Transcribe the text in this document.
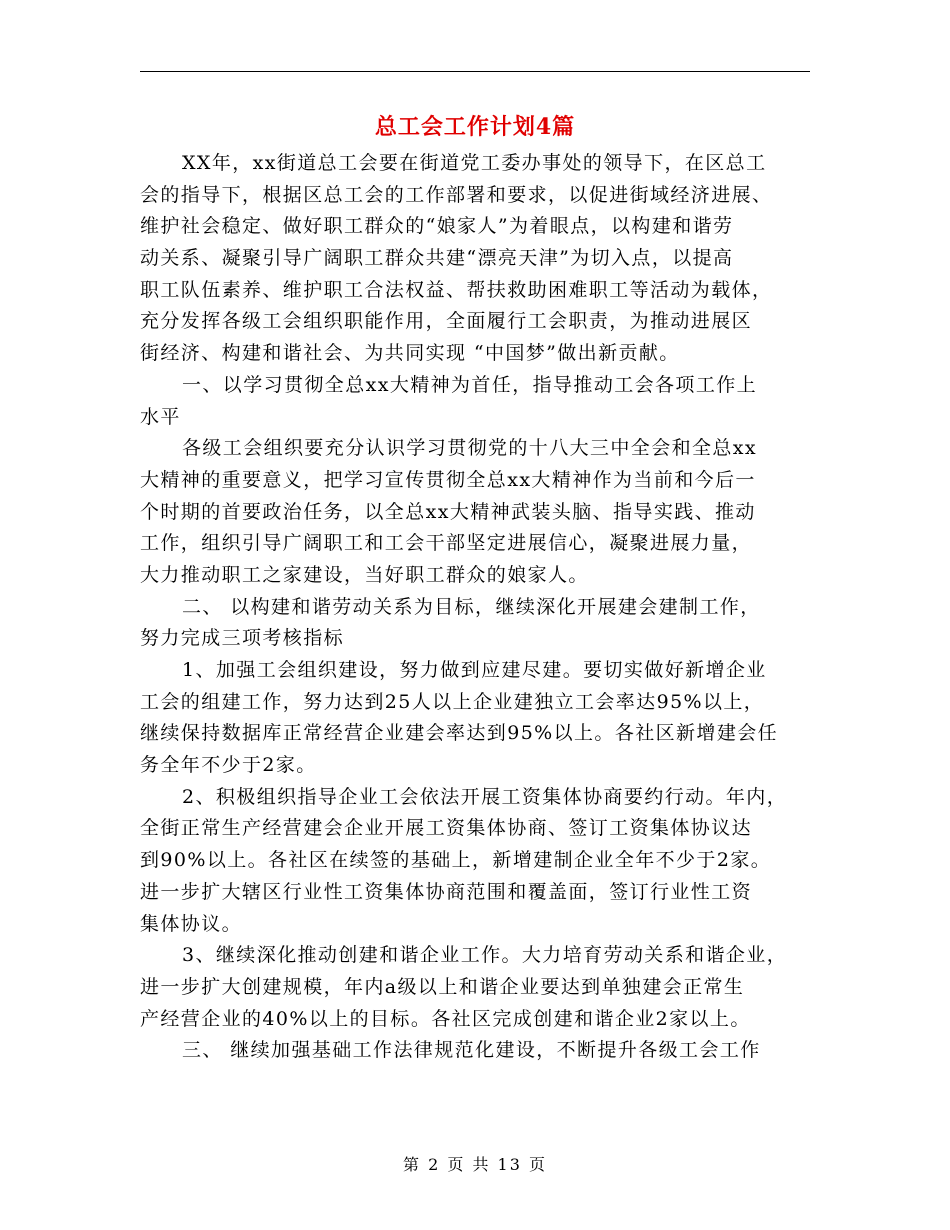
总工会工作计划4篇
XX年，xx街道总工会要在街道党工委办事处的领导下，在区总工
会的指导下，根据区总工会的工作部署和要求，以促进街域经济进展、
维护社会稳定、做好职工群众的“娘家人”为着眼点，以构建和谐劳
动关系、凝聚引导广阔职工群众共建“漂亮天津”为切入点，以提高
职工队伍素养、维护职工合法权益、帮扶救助困难职工等活动为载体，
充分发挥各级工会组织职能作用，全面履行工会职责，为推动进展区
街经济、构建和谐社会、为共同实现 “中国梦”做出新贡献。
一、以学习贯彻全总xx大精神为首任，指导推动工会各项工作上
水平
各级工会组织要充分认识学习贯彻党的十八大三中全会和全总xx
大精神的重要意义，把学习宣传贯彻全总xx大精神作为当前和今后一
个时期的首要政治任务，以全总xx大精神武装头脑、指导实践、推动
工作，组织引导广阔职工和工会干部坚定进展信心，凝聚进展力量，
大力推动职工之家建设，当好职工群众的娘家人。
二、 以构建和谐劳动关系为目标，继续深化开展建会建制工作，
努力完成三项考核指标
1、加强工会组织建设，努力做到应建尽建。要切实做好新增企业
工会的组建工作，努力达到25人以上企业建独立工会率达95%以上，
继续保持数据库正常经营企业建会率达到95%以上。各社区新增建会任
务全年不少于2家。
2、积极组织指导企业工会依法开展工资集体协商要约行动。年内，
全街正常生产经营建会企业开展工资集体协商、签订工资集体协议达
到90%以上。各社区在续签的基础上，新增建制企业全年不少于2家。
进一步扩大辖区行业性工资集体协商范围和覆盖面，签订行业性工资
集体协议。
3、继续深化推动创建和谐企业工作。大力培育劳动关系和谐企业，
进一步扩大创建规模，年内a级以上和谐企业要达到单独建会正常生
产经营企业的40%以上的目标。各社区完成创建和谐企业2家以上。
三、 继续加强基础工作法律规范化建设，不断提升各级工会工作
第 2 页 共 13 页
